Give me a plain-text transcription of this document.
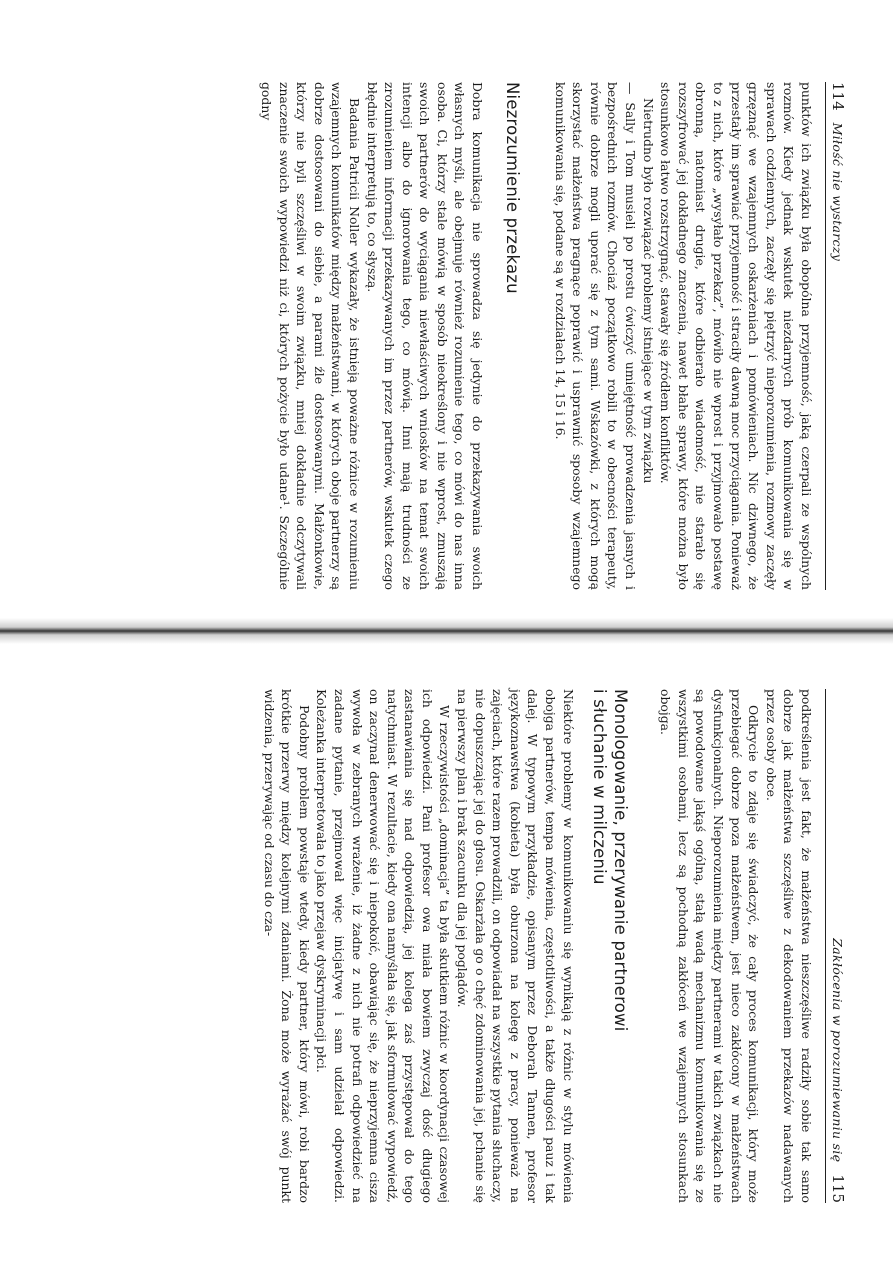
114
Miłość nie wystarczy

punktów ich związku była obopólna przyjemność, jaką czerpali ze wspólnych rozmów. Kiedy jednak wskutek niezdarnych prób komunikowania się w sprawach codziennych, zaczęły się piętrzyć nieporozumienia, rozmowy zaczęły grzęznąć we wzajemnych oskarżeniach i pomówieniach. Nic dziwnego, że przestały im sprawiać przyjemność i straciły dawną moc przyciągania. Ponieważ to z nich, które „wysyłało przekaz”, mówiło nie wprost i przyjmowało postawę obronną, natomiast drugie, które odbierało wiadomość, nie starało się rozszyfrować jej dokładnego znaczenia, nawet błahe sprawy, które można było stosunkowo łatwo rozstrzygnąć, stawały się źródłem konfliktów.

Nietrudno było rozwiązać problemy istniejące w tym związku

—Sally i Tom musieli po prostu ćwiczyć umiejętność prowadzenia jasnych i bezpośrednich rozmów. Chociaż początkowo robili to w obecności terapeuty, równie dobrze mogli uporać się z tym sami. Wskazówki, z których mogą skorzystać małżeństwa pragnące poprawić i usprawnić sposoby wzajemnego komunikowania się, podane są w rozdziałach 14, 15 i 16.

Niezrozumienie przekazu

Dobra komunikacja nie sprowadza się jedynie do przekazywania swoich własnych myśli, ale obejmuje również rozumienie tego, co mówi do nas inna osoba. Ci, którzy stale mówią w sposób nieokreślony i nie wprost, zmuszają swoich partnerów do wyciągania niewłaściwych wniosków na temat swoich intencji albo do ignorowania tego, co mówią. Inni mają trudności ze zrozumieniem informacji przekazywanych im przez partnerów, wskutek czego błędnie interpretują to, co słyszą.

Badania Patricii Noller wykazały, że istnieją poważne różnice w rozumieniu wzajemnych komunikatów między małżeństwami, w których oboje partnerzy są dobrze dostosowani do siebie, a parami źle dostosowanymi. Małżonkowie, którzy nie byli szczęśliwi w swoim związku, mniej dokładnie odczytywali znaczenie swoich wypowiedzi niż ci, których pożycie było udane¹. Szczególnie godny

Zakłócenia w porozumiewaniu się
115

podkreślenia jest fakt, że małżeństwa nieszczęśliwe radziły sobie tak samo dobrze jak małżeństwa szczęśliwe z dekodowaniem przekazów nadawanych przez osoby obce.

Odkrycie to zdaje się świadczyć, że cały proces komunikacji, który może przebiegać dobrze poza małżeństwem, jest nieco zakłócony w małżeństwach dysfunkcjonalnych. Nieporozumienia między partnerami w takich związkach nie są powodowane jakąś ogólną, stałą wadą mechanizmu komunikowania się ze wszystkimi osobami, lecz są pochodną zakłóceń we wzajemnych stosunkach obojga.

Monologowanie, przerywanie partnerowi
i słuchanie w milczeniu

Niektóre problemy w komunikowaniu się wynikają z różnic w stylu mówienia obojga partnerów, tempa mówienia, częstotliwości, a także długości pauz i tak dalej. W typowym przykładzie, opisanym przez Deborah Tannen, profesor językoznawstwa (kobieta) była oburzona na kolegę z pracy, ponieważ na zajęciach, które razem prowadzili, on odpowiadał na wszystkie pytania słuchaczy, nie dopuszczając jej do głosu. Oskarżała go o chęć zdominowania jej, pchanie się na pierwszy plan i brak szacunku dla jej poglądów.

W rzeczywistości „dominacja” ta była skutkiem różnic w koordynacji czasowej ich odpowiedzi. Pani profesor owa miała bowiem zwyczaj dość długiego zastanawiania się nad odpowiedzią, jej kolega zaś przystępował do tego natychmiast. W rezultacie, kiedy ona namyślała się, jak sformułować wypowiedź, on zaczynał denerwować się i niepokoić, obawiając się, że nieprzyjemna cisza wywoła w zebranych wrażenie, iż żadne z nich nie potrafi odpowiedzieć na zadane pytanie, przejmował więc inicjatywę i sam udzielał odpowiedzi. Koleżanka interpretowała to jako przejaw dyskryminacji płci.

Podobny problem powstaje wtedy, kiedy partner, który mówi, robi bardzo krótkie przerwy między kolejnymi zdaniami. Żona może wyrażać swój punkt widzenia, przerywając od czasu do cza-
